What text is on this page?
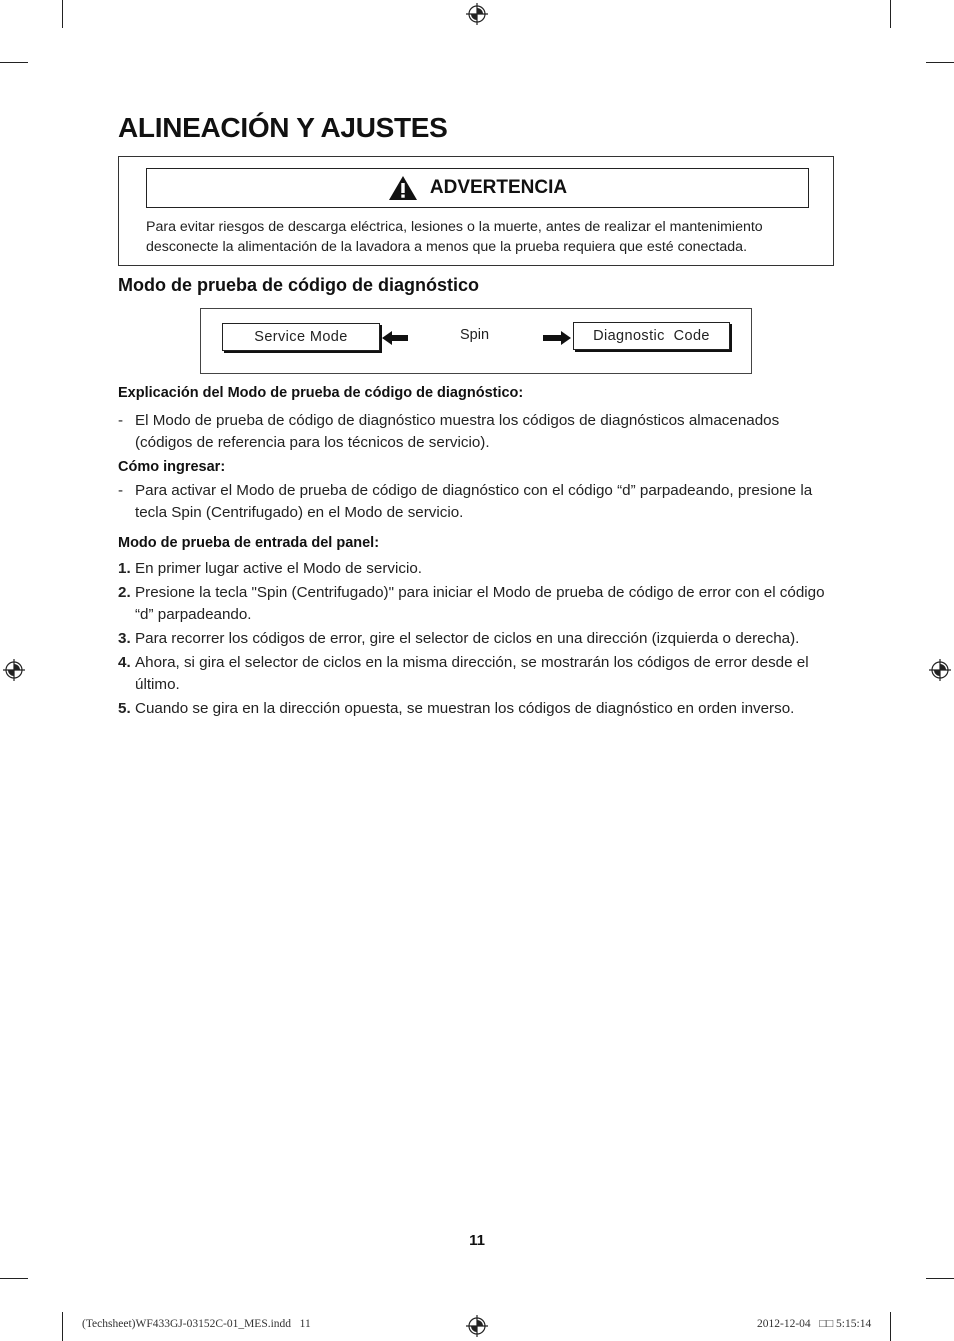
ALINEACIÓN Y AJUSTES
ADVERTENCIA

Para evitar riesgos de descarga eléctrica, lesiones o la muerte, antes de realizar el mantenimiento desconecte la alimentación de la lavadora a menos que la prueba requiera que esté conectada.

Modo de prueba de código de diagnóstico
Service Mode	Spin	Diagnostic  Code

Explicación del Modo de prueba de código de diagnóstico:

- El Modo de prueba de código de diagnóstico muestra los códigos de diagnósticos almacenados (códigos de referencia para los técnicos de servicio).

Cómo ingresar:

- Para activar el Modo de prueba de código de diagnóstico con el código “d” parpadeando, presione la tecla Spin (Centrifugado) en el Modo de servicio.

Modo de prueba de entrada del panel:

1. En primer lugar active el Modo de servicio.
2. Presione la tecla "Spin (Centrifugado)" para iniciar el Modo de prueba de código de error con el código “d” parpadeando.
3. Para recorrer los códigos de error, gire el selector de ciclos en una dirección (izquierda o derecha).
4. Ahora, si gira el selector de ciclos en la misma dirección, se mostrarán los códigos de error desde el último.
5. Cuando se gira en la dirección opuesta, se muestran los códigos de diagnóstico en orden inverso.
11
(Techsheet)WF433GJ-03152C-01_MES.indd   11	2012-12-04   □□ 5:15:14
